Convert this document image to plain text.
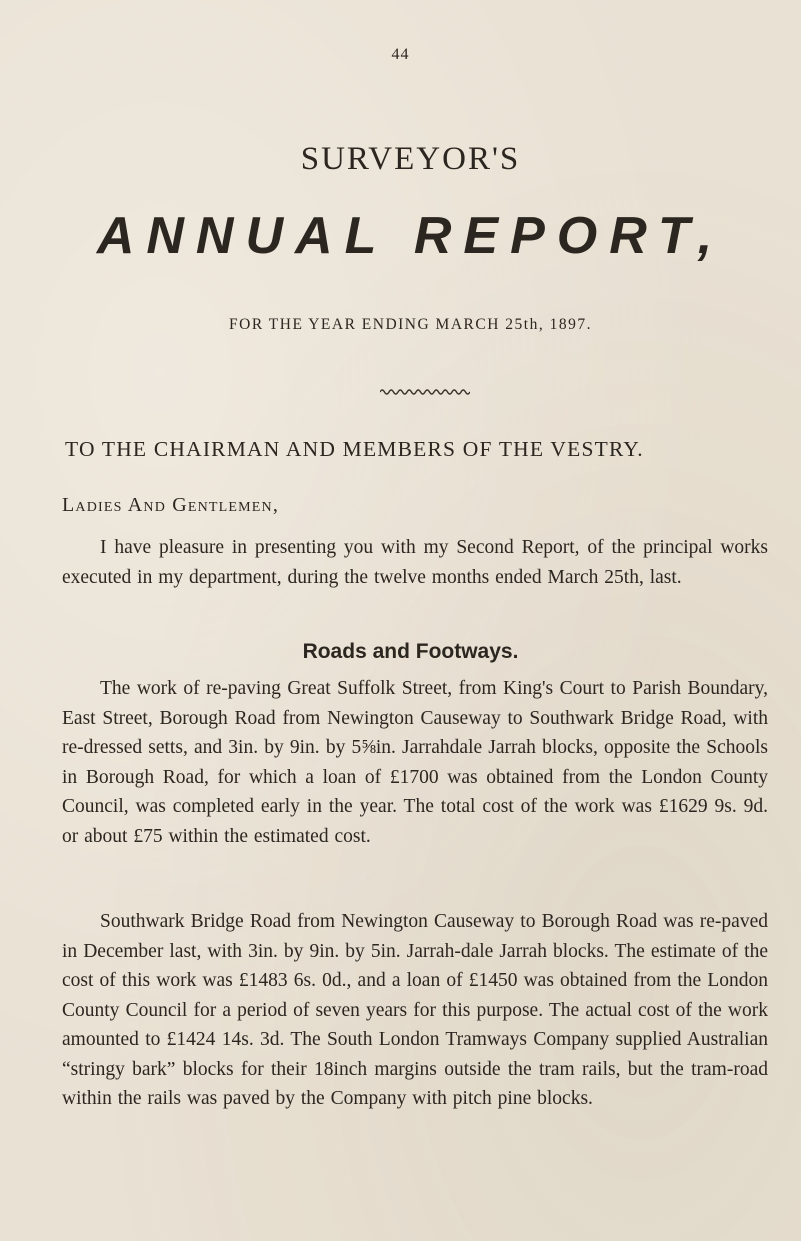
44
SURVEYOR'S
ANNUAL REPORT,
FOR THE YEAR ENDING MARCH 25th, 1897.
TO THE CHAIRMAN AND MEMBERS OF THE VESTRY.
Ladies And Gentlemen,
I have pleasure in presenting you with my Second Report, of the principal works executed in my department, during the twelve months ended March 25th, last.
Roads and Footways.
The work of re-paving Great Suffolk Street, from King's Court to Parish Boundary, East Street, Borough Road from Newington Causeway to Southwark Bridge Road, with re-dressed setts, and 3in. by 9in. by 5⅝in. Jarrahdale Jarrah blocks, opposite the Schools in Borough Road, for which a loan of £1700 was obtained from the London County Council, was completed early in the year. The total cost of the work was £1629 9s. 9d. or about £75 within the estimated cost.
Southwark Bridge Road from Newington Causeway to Borough Road was re-paved in December last, with 3in. by 9in. by 5in. Jarrah-dale Jarrah blocks. The estimate of the cost of this work was £1483 6s. 0d., and a loan of £1450 was obtained from the London County Council for a period of seven years for this purpose. The actual cost of the work amounted to £1424 14s. 3d. The South London Tramways Company supplied Australian “stringy bark” blocks for their 18inch margins outside the tram rails, but the tram-road within the rails was paved by the Company with pitch pine blocks.
